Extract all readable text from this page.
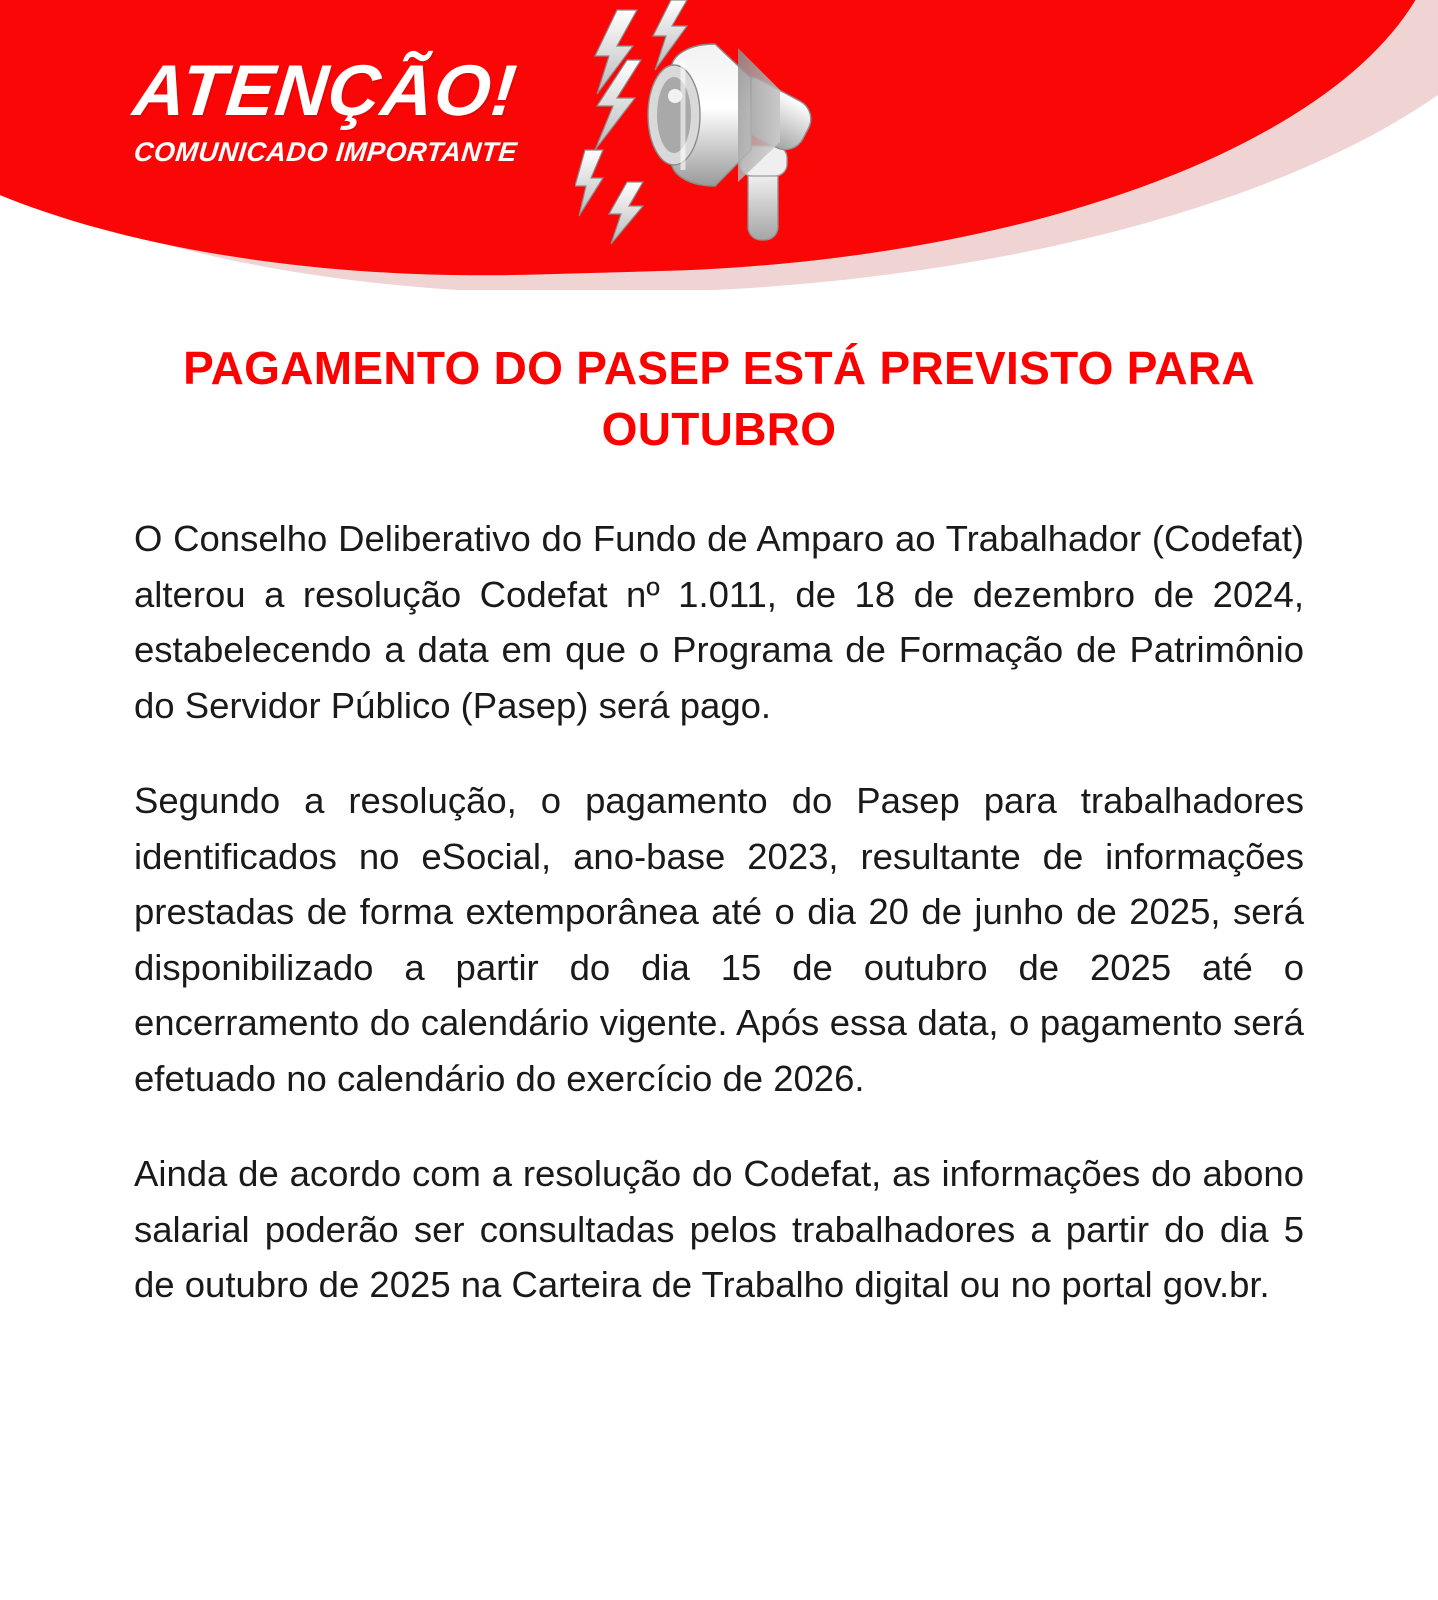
ATENÇÃO!
COMUNICADO IMPORTANTE
PAGAMENTO DO PASEP ESTÁ PREVISTO PARA OUTUBRO

O Conselho Deliberativo do Fundo de Amparo ao Trabalhador (Codefat) alterou a resolução Codefat nº 1.011, de 18 de dezembro de 2024, estabelecendo a data em que o Programa de Formação de Patrimônio do Servidor Público (Pasep) será pago.

Segundo a resolução, o pagamento do Pasep para trabalhadores identificados no eSocial, ano-base 2023, resultante de informações prestadas de forma extemporânea até o dia 20 de junho de 2025, será disponibilizado a partir do dia 15 de outubro de 2025 até o encerramento do calendário vigente. Após essa data, o pagamento será efetuado no calendário do exercício de 2026.

Ainda de acordo com a resolução do Codefat, as informações do abono salarial poderão ser consultadas pelos trabalhadores a partir do dia 5 de outubro de 2025 na Carteira de Trabalho digital ou no portal gov.br.
